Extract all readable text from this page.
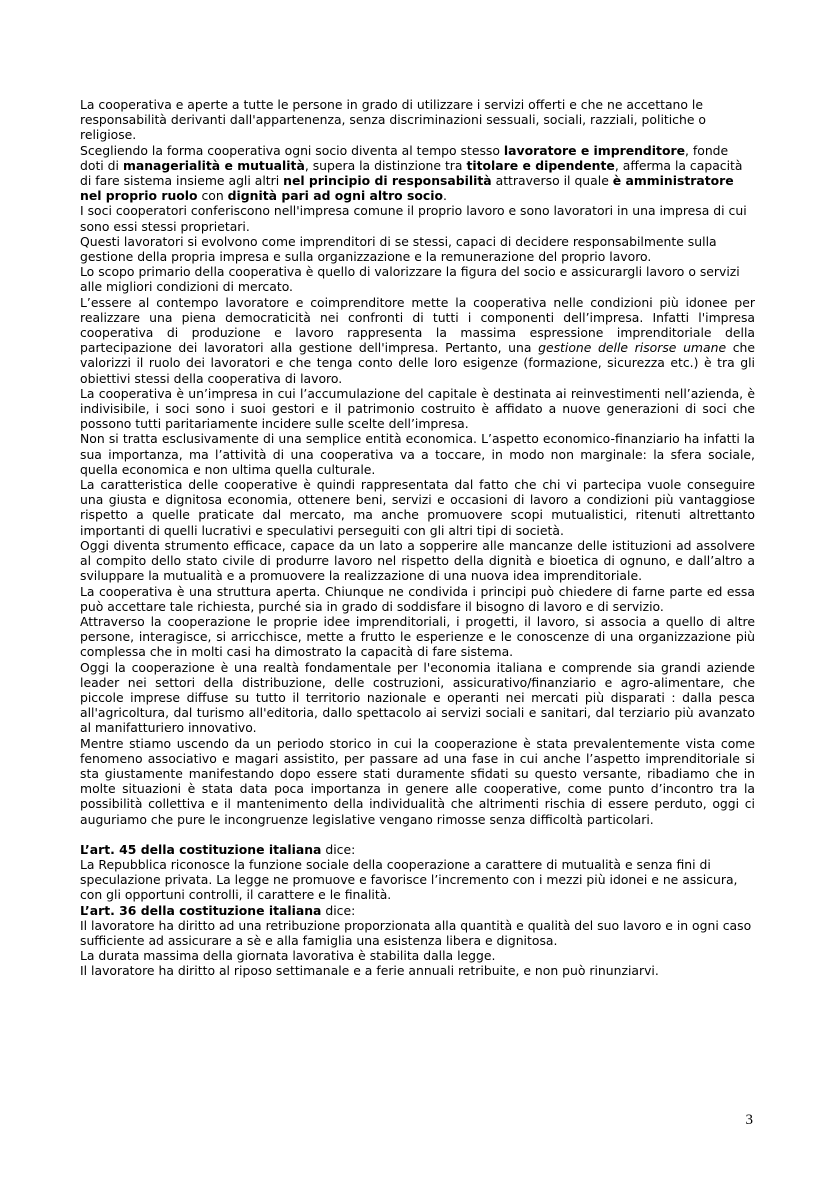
La cooperativa e aperte a tutte le persone in grado di utilizzare i servizi offerti e che ne accettano le responsabilità derivanti dall'appartenenza, senza discriminazioni sessuali, sociali, razziali, politiche o religiose.

Scegliendo la forma cooperativa ogni socio diventa al tempo stesso lavoratore e imprenditore, fonde doti di managerialità e mutualità, supera la distinzione tra titolare e dipendente, afferma la capacità di fare sistema insieme agli altri nel principio di responsabilità attraverso il quale è amministratore nel proprio ruolo con dignità pari ad ogni altro socio.

I soci cooperatori conferiscono nell'impresa comune il proprio lavoro e sono lavoratori in una impresa di cui sono essi stessi proprietari.

Questi lavoratori si evolvono come imprenditori di se stessi, capaci di decidere responsabilmente sulla gestione della propria impresa e sulla organizzazione e la remunerazione del proprio lavoro.

Lo scopo primario della cooperativa è quello di valorizzare la figura del socio e assicurargli lavoro o servizi alle migliori condizioni di mercato.

L’essere al contempo lavoratore e coimprenditore mette la cooperativa nelle condizioni più idonee per realizzare una piena democraticità nei confronti di tutti i componenti dell’impresa. Infatti l'impresa cooperativa di produzione e lavoro rappresenta la massima espressione imprenditoriale della partecipazione dei lavoratori alla gestione dell'impresa. Pertanto, una gestione delle risorse umane che valorizzi il ruolo dei lavoratori e che tenga conto delle loro esigenze (formazione, sicurezza etc.) è tra gli obiettivi stessi della cooperativa di lavoro.

La cooperativa è un’impresa in cui l’accumulazione del capitale è destinata ai reinvestimenti nell’azienda, è indivisibile, i soci sono i suoi gestori e il patrimonio costruito è affidato a nuove generazioni di soci che possono tutti paritariamente incidere sulle scelte dell’impresa.

Non si tratta esclusivamente di una semplice entità economica. L’aspetto economico-finanziario ha infatti la sua importanza, ma l’attività di una cooperativa va a toccare, in modo non marginale: la sfera sociale, quella economica e non ultima quella culturale.

La caratteristica delle cooperative è quindi rappresentata dal fatto che chi vi partecipa vuole conseguire una giusta e dignitosa economia, ottenere beni, servizi e occasioni di lavoro a condizioni più vantaggiose rispetto a quelle praticate dal mercato, ma anche promuovere scopi mutualistici, ritenuti altrettanto importanti di quelli lucrativi e speculativi perseguiti con gli altri tipi di società.

Oggi diventa strumento efficace, capace da un lato a sopperire alle mancanze delle istituzioni ad assolvere al compito dello stato civile di produrre lavoro nel rispetto della dignità e bioetica di ognuno, e dall’altro a sviluppare la mutualità e a promuovere la realizzazione di una nuova idea imprenditoriale.

La cooperativa è una struttura aperta. Chiunque ne condivida i principi può chiedere di farne parte ed essa può accettare tale richiesta, purché sia in grado di soddisfare il bisogno di lavoro e di servizio.

Attraverso la cooperazione le proprie idee imprenditoriali, i progetti, il lavoro, si associa a quello di altre persone, interagisce, si arricchisce, mette a frutto le esperienze e le conoscenze di una organizzazione più complessa che in molti casi ha dimostrato la capacità di fare sistema.

Oggi la cooperazione è una realtà fondamentale per l'economia italiana e comprende sia grandi aziende leader nei settori della distribuzione, delle costruzioni, assicurativo/finanziario e agro-alimentare, che piccole imprese diffuse su tutto il territorio nazionale e operanti nei mercati più disparati : dalla pesca all'agricoltura, dal turismo all'editoria, dallo spettacolo ai servizi sociali e sanitari, dal terziario più avanzato al manifatturiero innovativo.

Mentre stiamo uscendo da un periodo storico in cui la cooperazione è stata prevalentemente vista come fenomeno associativo e magari assistito, per passare ad una fase in cui anche l’aspetto imprenditoriale si sta giustamente manifestando dopo essere stati duramente sfidati su questo versante, ribadiamo che in molte situazioni è stata data poca importanza in genere alle cooperative, come punto d’incontro tra la possibilità collettiva e il mantenimento della individualità che altrimenti rischia di essere perduto, oggi ci auguriamo che pure le incongruenze legislative vengano rimosse senza difficoltà particolari.

L’art. 45 della costituzione italiana dice:

La Repubblica riconosce la funzione sociale della cooperazione a carattere di mutualità e senza fini di speculazione privata. La legge ne promuove e favorisce l’incremento con i mezzi più idonei e ne assicura, con gli opportuni controlli, il carattere e le finalità.

L’art. 36 della costituzione italiana dice:

Il lavoratore ha diritto ad una retribuzione proporzionata alla quantità e qualità del suo lavoro e in ogni caso sufficiente ad assicurare a sè e alla famiglia una esistenza libera e dignitosa.

La durata massima della giornata lavorativa è stabilita dalla legge.

Il lavoratore ha diritto al riposo settimanale e a ferie annuali retribuite, e non può rinunziarvi.

3
